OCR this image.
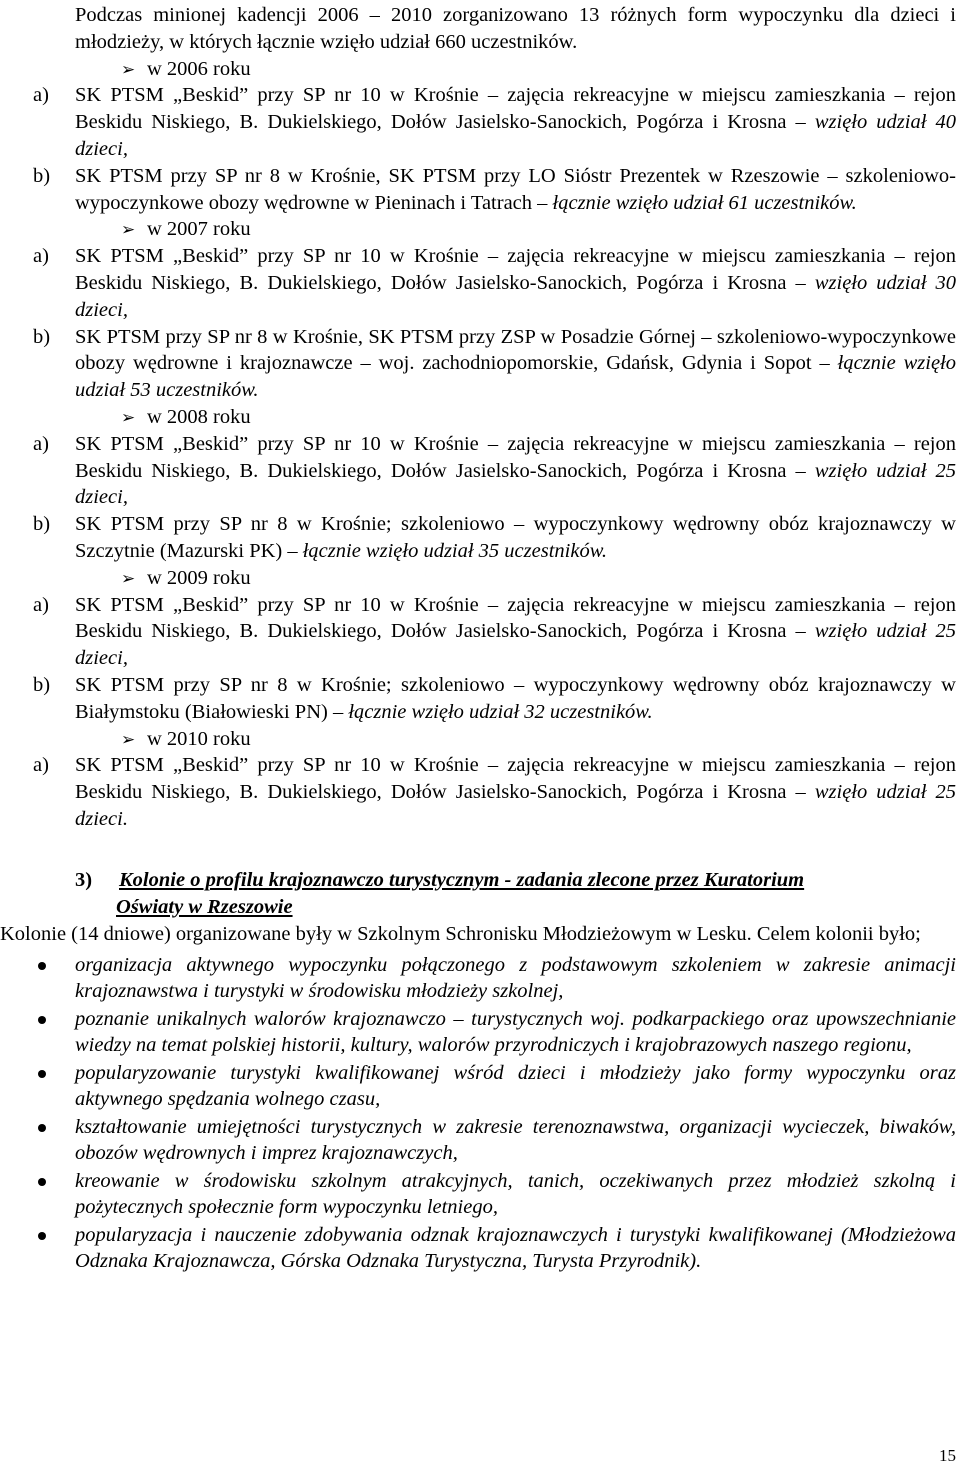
Podczas minionej kadencji 2006 – 2010 zorganizowano 13 różnych form wypoczynku dla dzieci i młodzieży, w których łącznie wzięło udział 660 uczestników.

➢ w 2006 roku

a)	SK PTSM „Beskid” przy SP nr 10 w Krośnie – zajęcia rekreacyjne w miejscu zamieszkania – rejon Beskidu Niskiego, B. Dukielskiego, Dołów Jasielsko-Sanockich, Pogórza i Krosna – wzięło udział 40 dzieci,
b)	SK PTSM przy SP nr 8 w Krośnie, SK PTSM przy LO Sióstr Prezentek w Rzeszowie – szkoleniowo-wypoczynkowe obozy wędrowne w Pieninach i Tatrach – łącznie wzięło udział 61 uczestników.

➢ w 2007 roku

a)	SK PTSM „Beskid” przy SP nr 10 w Krośnie – zajęcia rekreacyjne w miejscu zamieszkania – rejon Beskidu Niskiego, B. Dukielskiego, Dołów Jasielsko-Sanockich, Pogórza i Krosna – wzięło udział 30 dzieci,
b)	SK PTSM przy SP nr 8 w Krośnie, SK PTSM przy ZSP w Posadzie Górnej – szkoleniowo-wypoczynkowe obozy wędrowne i krajoznawcze – woj. zachodniopomorskie, Gdańsk, Gdynia i Sopot – łącznie wzięło udział 53 uczestników.

➢ w 2008 roku

a)	SK PTSM „Beskid” przy SP nr 10 w Krośnie – zajęcia rekreacyjne w miejscu zamieszkania – rejon Beskidu Niskiego, B. Dukielskiego, Dołów Jasielsko-Sanockich, Pogórza i Krosna – wzięło udział 25 dzieci,
b)	SK PTSM przy SP nr 8 w Krośnie; szkoleniowo – wypoczynkowy wędrowny obóz krajoznawczy w Szczytnie (Mazurski PK) – łącznie wzięło udział 35 uczestników.

➢ w 2009 roku

a)	SK PTSM „Beskid” przy SP nr 10 w Krośnie – zajęcia rekreacyjne w miejscu zamieszkania – rejon Beskidu Niskiego, B. Dukielskiego, Dołów Jasielsko-Sanockich, Pogórza i Krosna – wzięło udział 25 dzieci,
b)	SK PTSM przy SP nr 8 w Krośnie; szkoleniowo – wypoczynkowy wędrowny obóz krajoznawczy w Białymstoku (Białowieski PN) – łącznie wzięło udział 32 uczestników.

➢ w 2010 roku

a)	SK PTSM „Beskid” przy SP nr 10 w Krośnie – zajęcia rekreacyjne w miejscu zamieszkania – rejon Beskidu Niskiego, B. Dukielskiego, Dołów Jasielsko-Sanockich, Pogórza i Krosna – wzięło udział 25 dzieci.
3) Kolonie o profilu krajoznawczo turystycznym - zadania zlecone przez Kuratorium
Oświaty w Rzeszowie

Kolonie (14 dniowe) organizowane były w Szkolnym Schronisku Młodzieżowym w Lesku. Celem kolonii było;

organizacja aktywnego wypoczynku połączonego z podstawowym szkoleniem w zakresie animacji krajoznawstwa i turystyki w środowisku młodzieży szkolnej,
poznanie unikalnych walorów krajoznawczo – turystycznych woj. podkarpackiego oraz upowszechnianie wiedzy na temat polskiej historii, kultury, walorów przyrodniczych i krajobrazowych naszego regionu,
popularyzowanie turystyki kwalifikowanej wśród dzieci i młodzieży jako formy wypoczynku oraz aktywnego spędzania wolnego czasu,
kształtowanie umiejętności turystycznych w zakresie terenoznawstwa, organizacji wycieczek, biwaków, obozów wędrownych i imprez krajoznawczych,
kreowanie w środowisku szkolnym atrakcyjnych, tanich, oczekiwanych przez młodzież szkolną i pożytecznych społecznie form wypoczynku letniego,
popularyzacja i nauczenie zdobywania odznak krajoznawczych i turystyki kwalifikowanej (Młodzieżowa Odznaka Krajoznawcza, Górska Odznaka Turystyczna, Turysta Przyrodnik).
15
